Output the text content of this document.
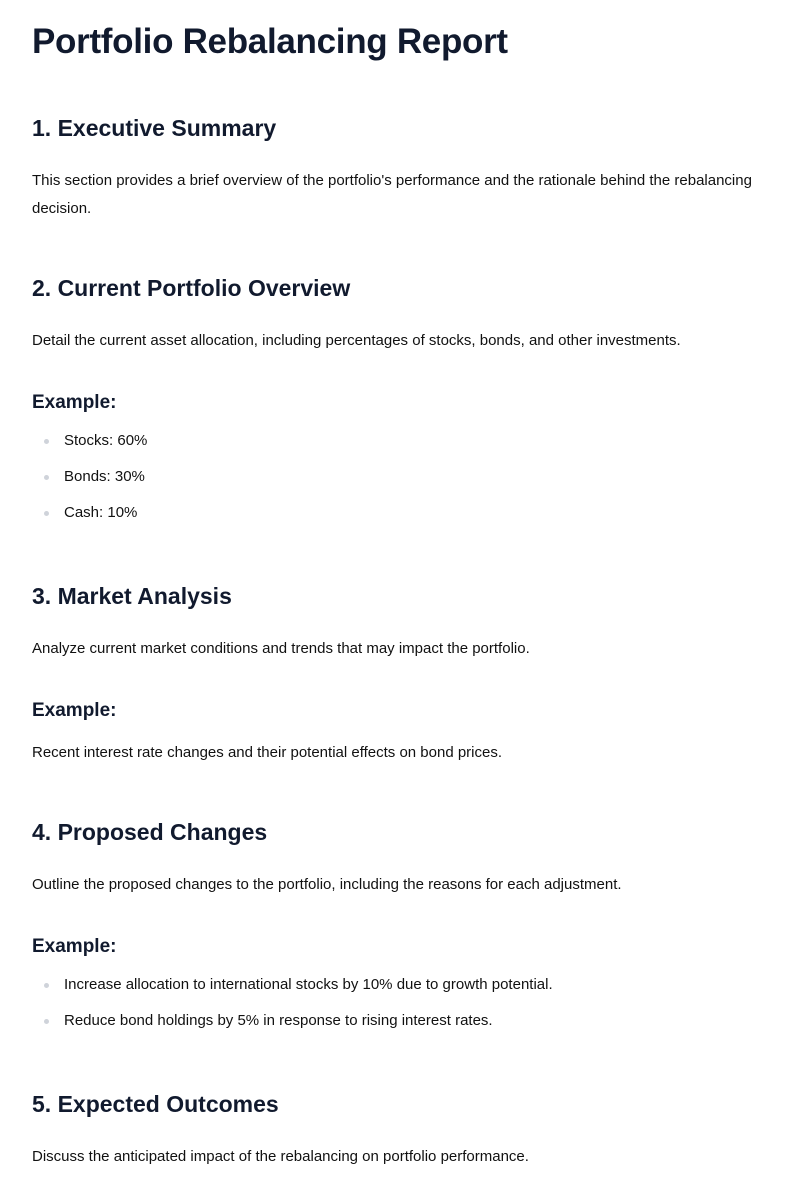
Portfolio Rebalancing Report
1. Executive Summary

This section provides a brief overview of the portfolio's performance and the rationale behind the rebalancing decision.

2. Current Portfolio Overview

Detail the current asset allocation, including percentages of stocks, bonds, and other investments.

Example:
Stocks: 60%
Bonds: 30%
Cash: 10%
3. Market Analysis

Analyze current market conditions and trends that may impact the portfolio.

Example:

Recent interest rate changes and their potential effects on bond prices.

4. Proposed Changes

Outline the proposed changes to the portfolio, including the reasons for each adjustment.

Example:
Increase allocation to international stocks by 10% due to growth potential.
Reduce bond holdings by 5% in response to rising interest rates.
5. Expected Outcomes

Discuss the anticipated impact of the rebalancing on portfolio performance.
